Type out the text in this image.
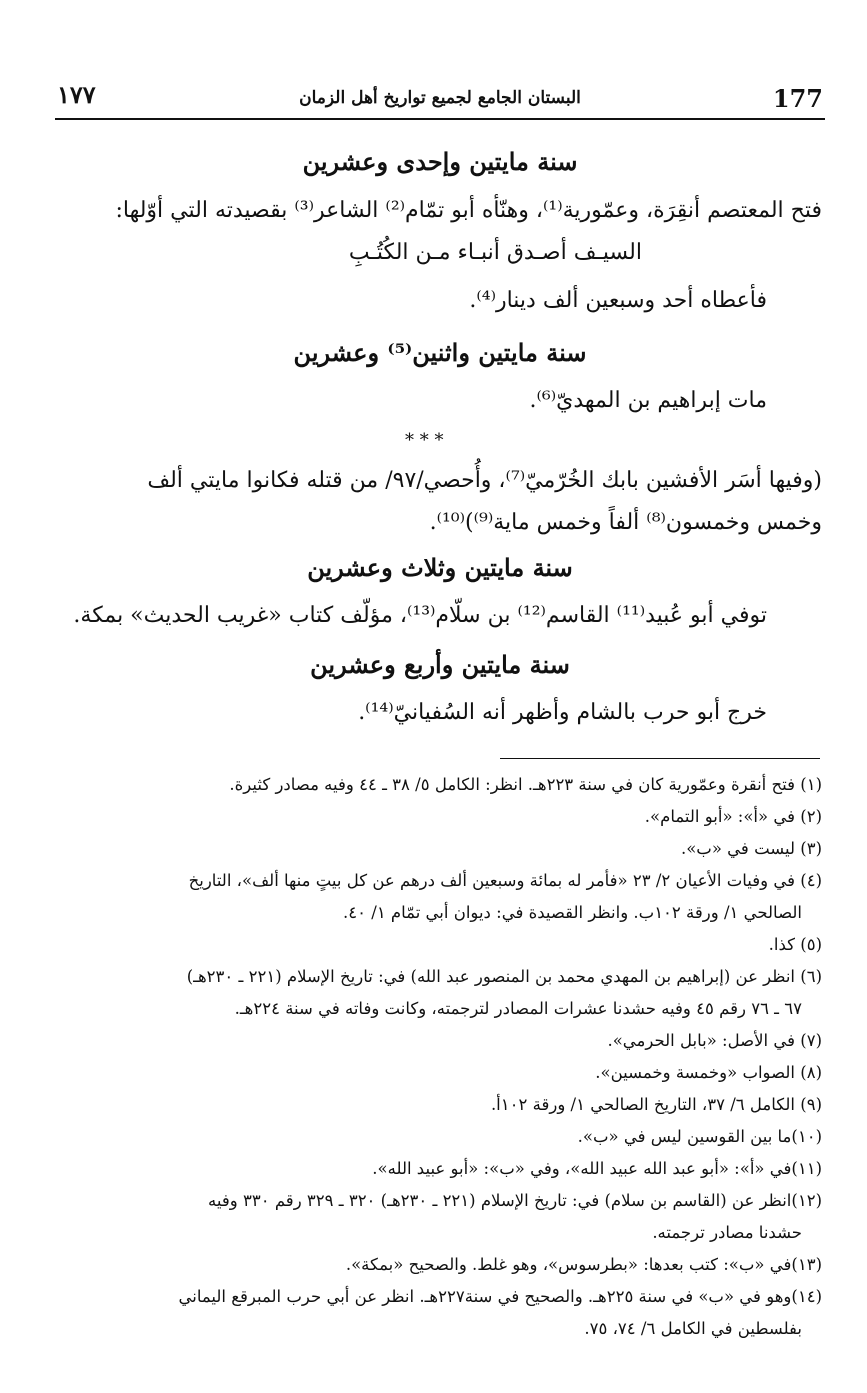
١٧٧	البستان الجامع لجميع تواريخ أهل الزمان	177
سنة مايتين وإحدى وعشرين
فتح المعتصم أنقِرَة، وعمّورية⁽¹⁾، وهنّأه أبو تمّام⁽²⁾ الشاعر⁽³⁾ بقصيدته التي أوّلها:
السيـف أصـدق أنبـاء مـن الكُتُـبِ
فأعطاه أحد وسبعين ألف دينار⁽⁴⁾.
سنة مايتين واثنين⁽⁵⁾ وعشرين
مات إبراهيم بن المهديّ⁽⁶⁾.
* * *
(وفيها أسَر الأفشين بابك الخُرّميّ⁽⁷⁾، وأُحصي/٩٧/ من قتله فكانوا مايتي ألف
وخمس وخمسون⁽⁸⁾ ألفاً وخمس ماية⁽⁹⁾)⁽¹⁰⁾.
سنة مايتين وثلاث وعشرين
توفي أبو عُبيد⁽¹¹⁾ القاسم⁽¹²⁾ بن سلّام⁽¹³⁾، مؤلّف كتاب «غريب الحديث» بمكة.
سنة مايتين وأربع وعشرين
خرج أبو حرب بالشام وأظهر أنه السُفيانيّ⁽¹⁴⁾.
(١) فتح أنقرة وعمّورية كان في سنة ٢٢٣هـ. انظر: الكامل ٥/ ٣٨ ـ ٤٤ وفيه مصادر كثيرة.
(٢) في «أ»: «أبو التمام».
(٣) ليست في «ب».
(٤) في وفيات الأعيان ٢/ ٢٣ «فأمر له بمائة وسبعين ألف درهم عن كل بيتٍ منها ألف»، التاريخ
الصالحي ١/ ورقة ١٠٢ب. وانظر القصيدة في: ديوان أبي تمّام ١/ ٤٠.
(٥) كذا.
(٦) انظر عن (إبراهيم بن المهدي محمد بن المنصور عبد الله) في: تاريخ الإسلام (٢٢١ ـ ٢٣٠هـ)
٦٧ ـ ٧٦ رقم ٤٥ وفيه حشدنا عشرات المصادر لترجمته، وكانت وفاته في سنة ٢٢٤هـ.
(٧) في الأصل: «بابل الحرمي».
(٨) الصواب «وخمسة وخمسين».
(٩) الكامل ٦/ ٣٧، التاريخ الصالحي ١/ ورقة ١٠٢أ.
(١٠)ما بين القوسين ليس في «ب».
(١١)في «أ»: «أبو عبد الله عبيد الله»، وفي «ب»: «أبو عبيد الله».
(١٢)انظر عن (القاسم بن سلام) في: تاريخ الإسلام (٢٢١ ـ ٢٣٠هـ) ٣٢٠ ـ ٣٢٩ رقم ٣٣٠ وفيه
حشدنا مصادر ترجمته.
(١٣)في «ب»: كتب بعدها: «بطرسوس»، وهو غلط. والصحيح «بمكة».
(١٤)وهو في «ب» في سنة ٢٢٥هـ. والصحيح في سنة٢٢٧هـ. انظر عن أبي حرب المبرقع اليماني
بفلسطين في الكامل ٦/ ٧٤، ٧٥.
